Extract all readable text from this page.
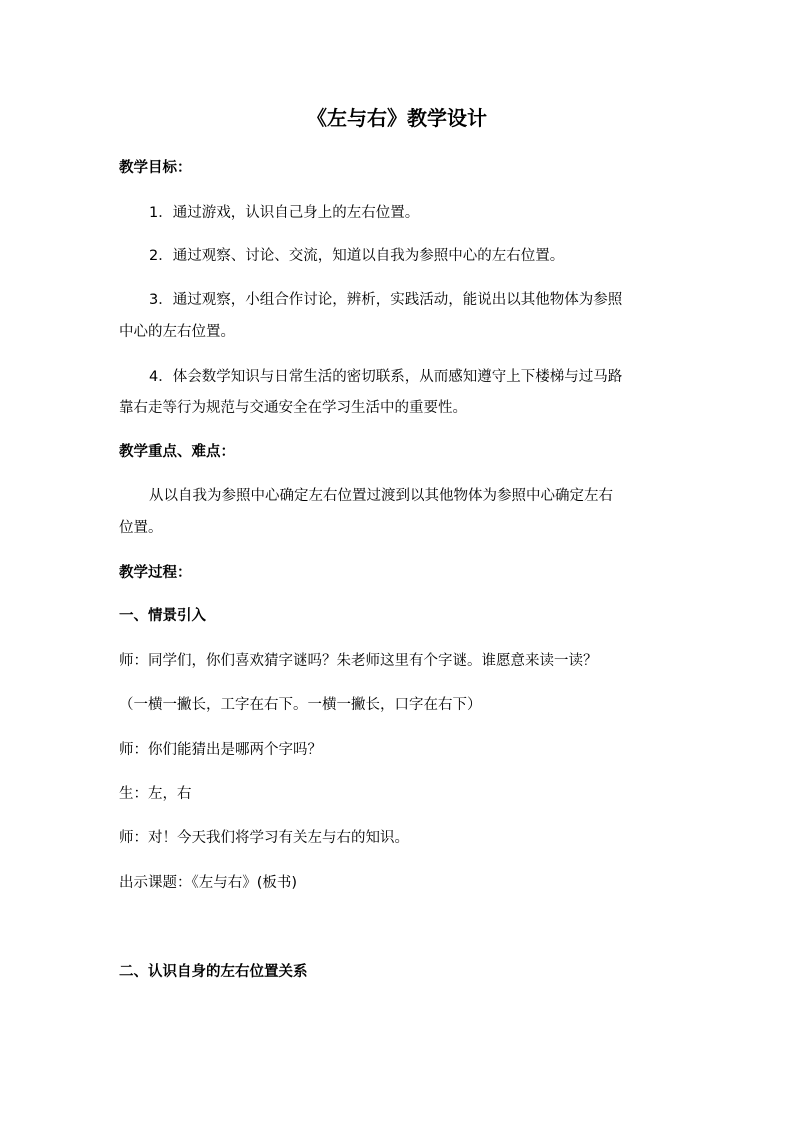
《左与右》教学设计
教学目标：
1．通过游戏，认识自己身上的左右位置。
2．通过观察、讨论、交流，知道以自我为参照中心的左右位置。
3．通过观察，小组合作讨论，辨析，实践活动，能说出以其他物体为参照
中心的左右位置。
4．体会数学知识与日常生活的密切联系，从而感知遵守上下楼梯与过马路
靠右走等行为规范与交通安全在学习生活中的重要性。
教学重点、难点：
从以自我为参照中心确定左右位置过渡到以其他物体为参照中心确定左右
位置。
教学过程：
一、情景引入
师：同学们，你们喜欢猜字谜吗？朱老师这里有个字谜。谁愿意来读一读？
（一横一撇长，工字在右下。一横一撇长，口字在右下）
师：你们能猜出是哪两个字吗？
生：左，右
师：对！今天我们将学习有关左与右的知识。
出示课题：《左与右》(板书)
二、认识自身的左右位置关系
